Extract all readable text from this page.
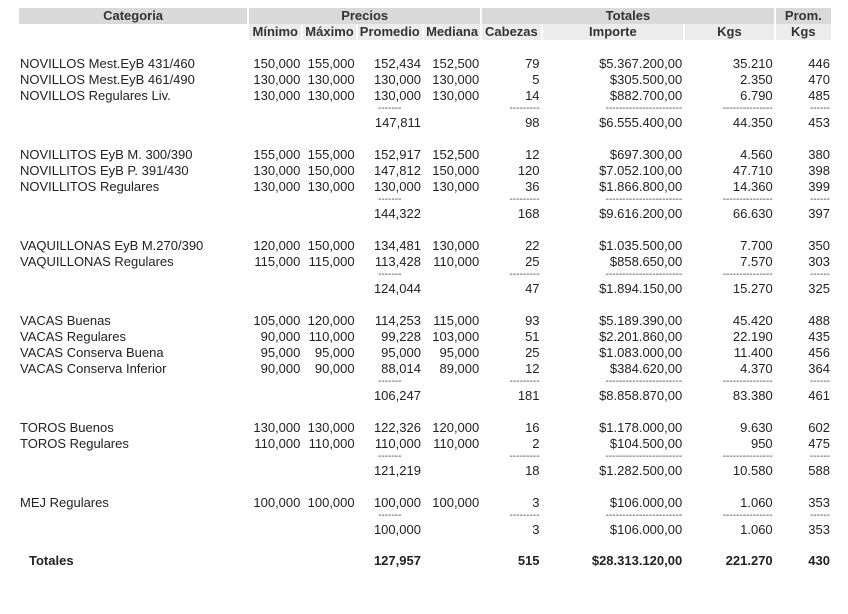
Categoria	Precios				Totales			Prom.
	Mínimo	Máximo	Promedio	Mediana	Cabezas	Importe	Kgs	Kgs

NOVILLOS Mest.EyB 431/460	150,000	155,000	152,434	152,500	79	$5.367.200,00	35.210	446
NOVILLOS Mest.EyB 461/490	130,000	130,000	130,000	130,000	5	$305.500,00	2.350	470
NOVILLOS Regulares Liv.	130,000	130,000	130,000	130,000	14	$882.700,00	6.790	485
			-------		---------	-----------------------	---------------	------
			147,811		98	$6.555.400,00	44.350	453

NOVILLITOS EyB M. 300/390	155,000	155,000	152,917	152,500	12	$697.300,00	4.560	380
NOVILLITOS EyB P. 391/430	130,000	150,000	147,812	150,000	120	$7.052.100,00	47.710	398
NOVILLITOS Regulares	130,000	130,000	130,000	130,000	36	$1.866.800,00	14.360	399
			-------		---------	-----------------------	---------------	------
			144,322		168	$9.616.200,00	66.630	397

VAQUILLONAS EyB M.270/390	120,000	150,000	134,481	130,000	22	$1.035.500,00	7.700	350
VAQUILLONAS Regulares	115,000	115,000	113,428	110,000	25	$858.650,00	7.570	303
			-------		---------	-----------------------	---------------	------
			124,044		47	$1.894.150,00	15.270	325

VACAS Buenas	105,000	120,000	114,253	115,000	93	$5.189.390,00	45.420	488
VACAS Regulares	90,000	110,000	99,228	103,000	51	$2.201.860,00	22.190	435
VACAS Conserva Buena	95,000	95,000	95,000	95,000	25	$1.083.000,00	11.400	456
VACAS Conserva Inferior	90,000	90,000	88,014	89,000	12	$384.620,00	4.370	364
			-------		---------	-----------------------	---------------	------
			106,247		181	$8.858.870,00	83.380	461

TOROS Buenos	130,000	130,000	122,326	120,000	16	$1.178.000,00	9.630	602
TOROS Regulares	110,000	110,000	110,000	110,000	2	$104.500,00	950	475
			-------		---------	-----------------------	---------------	------
			121,219		18	$1.282.500,00	10.580	588

MEJ Regulares	100,000	100,000	100,000	100,000	3	$106.000,00	1.060	353
			-------		---------	-----------------------	---------------	------
			100,000		3	$106.000,00	1.060	353

Totales			127,957		515	$28.313.120,00	221.270	430
